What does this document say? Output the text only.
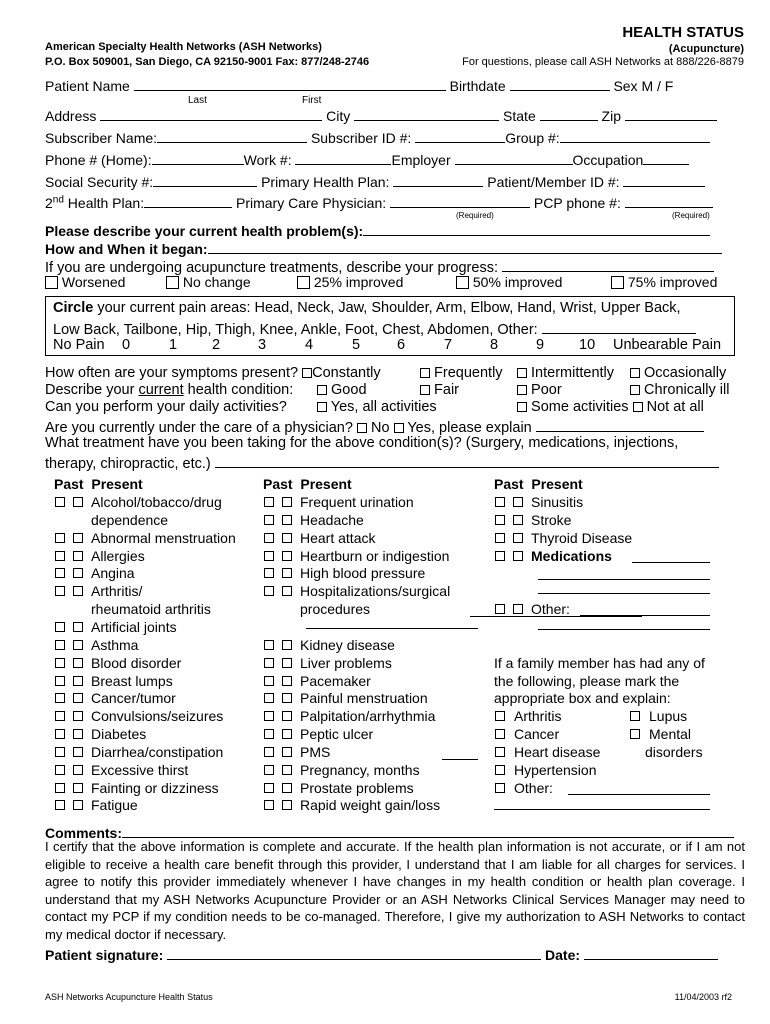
American Specialty Health Networks (ASH Networks)
P.O. Box 509001, San Diego, CA 92150-9001 Fax: 877/248-2746
HEALTH STATUS
(Acupuncture)
For questions, please call ASH Networks at 888/226-8879
Patient Name	Birthdate	Sex M / F
Last	First
Address	City	State	Zip
Subscriber Name:	Subscriber ID #:	Group #:
Phone # (Home):	Work #:	Employer	Occupation
Social Security #:	Primary Health Plan:	Patient/Member ID #:
2nd Health Plan:	Primary Care Physician:	PCP phone #:
(Required)	(Required)
Please describe your current health problem(s):
How and When it began:
If you are undergoing acupuncture treatments, describe your progress:
Worsened	No change	25% improved	50% improved	75% improved
Circle your current pain areas: Head, Neck, Jaw, Shoulder, Arm, Elbow, Hand, Wrist, Upper Back,
Low Back, Tailbone, Hip, Thigh, Knee, Ankle, Foot, Chest, Abdomen, Other:
No Pain 0	1 2	3	4	5	6	7	8	9 10 Unbearable Pain
How often are your symptoms present? Constantly	Frequently	Intermittently	Occasionally
Describe your current health condition:	Good	Fair	Poor	Chronically ill
Can you perform your daily activities?	Yes, all activities	Some activities Not at all
Are you currently under the care of a physician? No Yes, please explain
What treatment have you been taking for the above condition(s)? (Surgery, medications, injections,
therapy, chiropractic, etc.)
Past Present	Past Present	Past Present
Alcohol/tobacco/drug
dependence
Abnormal menstruation
Allergies
Angina
Arthritis/
rheumatoid arthritis
Artificial joints
Asthma
Blood disorder
Breast lumps
Cancer/tumor
Convulsions/seizures
Diabetes
Diarrhea/constipation
Excessive thirst
Fainting or dizziness
Fatigue
Frequent urination
Headache
Heart attack
Heartburn or indigestion
High blood pressure
Hospitalizations/surgical
procedures
Kidney disease
Liver problems
Pacemaker
Painful menstruation
Palpitation/arrhythmia
Peptic ulcer
PMS
Pregnancy, months
Prostate problems
Rapid weight gain/loss
Sinusitis
Stroke
Thyroid Disease
Medications
Other:
If a family member has had any of
the following, please mark the
appropriate box and explain:
Arthritis	Lupus
Cancer	Mental
Heart disease	disorders
Hypertension
Other:
Comments:
I certify that the above information is complete and accurate. If the health plan information is not accurate, or if I am not eligible to receive a health care benefit through this provider, I understand that I am liable for all charges for services. I agree to notify this provider immediately whenever I have changes in my health condition or health plan coverage. I understand that my ASH Networks Acupuncture Provider or an ASH Networks Clinical Services Manager may need to contact my PCP if my condition needs to be co-managed. Therefore, I give my authorization to ASH Networks to contact my medical doctor if necessary.
Patient signature:	Date:
ASH Networks Acupuncture Health Status	11/04/2003 rf2
